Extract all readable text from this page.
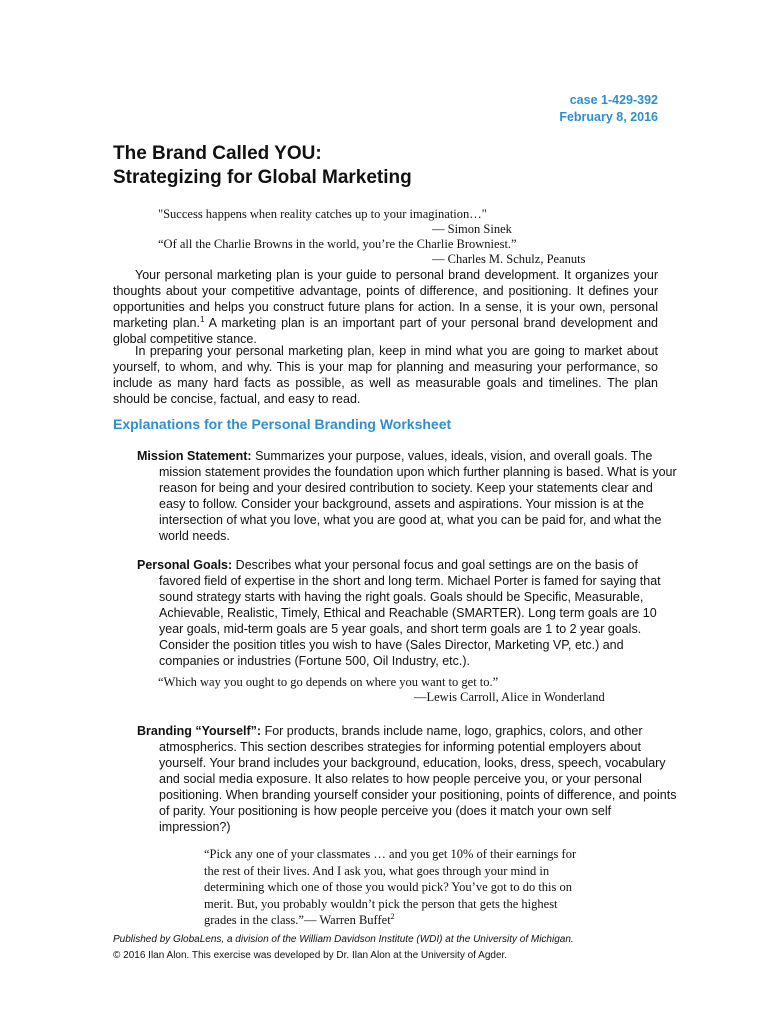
case 1-429-392
February 8, 2016
The Brand Called YOU:
Strategizing for Global Marketing
"Success happens when reality catches up to your imagination…"
— Simon Sinek
“Of all the Charlie Browns in the world, you’re the Charlie Browniest.”
— Charles M. Schulz, Peanuts

Your personal marketing plan is your guide to personal brand development. It organizes your thoughts about your competitive advantage, points of difference, and positioning. It defines your opportunities and helps you construct future plans for action. In a sense, it is your own, personal marketing plan.$^1$ A marketing plan is an important part of your personal brand development and global competitive stance.

In preparing your personal marketing plan, keep in mind what you are going to market about yourself, to whom, and why. This is your map for planning and measuring your performance, so include as many hard facts as possible, as well as measurable goals and timelines. The plan should be concise, factual, and easy to read.

Explanations for the Personal Branding Worksheet

Mission Statement: Summarizes your purpose, values, ideals, vision, and overall goals. The mission statement provides the foundation upon which further planning is based. What is your reason for being and your desired contribution to society. Keep your statements clear and easy to follow. Consider your background, assets and aspirations. Your mission is at the intersection of what you love, what you are good at, what you can be paid for, and what the world needs.

Personal Goals: Describes what your personal focus and goal settings are on the basis of favored field of expertise in the short and long term. Michael Porter is famed for saying that sound strategy starts with having the right goals. Goals should be Specific, Measurable, Achievable, Realistic, Timely, Ethical and Reachable (SMARTER). Long term goals are 10 year goals, mid-term goals are 5 year goals, and short term goals are 1 to 2 year goals. Consider the position titles you wish to have (Sales Director, Marketing VP, etc.) and companies or industries (Fortune 500, Oil Industry, etc.).

“Which way you ought to go depends on where you want to get to.”
—Lewis Carroll, Alice in Wonderland

Branding “Yourself”: For products, brands include name, logo, graphics, colors, and other atmospherics. This section describes strategies for informing potential employers about yourself. Your brand includes your background, education, looks, dress, speech, vocabulary and social media exposure. It also relates to how people perceive you, or your personal positioning. When branding yourself consider your positioning, points of difference, and points of parity. Your positioning is how people perceive you (does it match your own self impression?)

“Pick any one of your classmates … and you get 10% of their earnings for the rest of their lives. And I ask you, what goes through your mind in determining which one of those you would pick? You’ve got to do this on merit. But, you probably wouldn’t pick the person that gets the highest grades in the class.”— Warren Buffet$^2$
Published by GlobaLens, a division of the William Davidson Institute (WDI) at the University of Michigan.
© 2016 Ilan Alon. This exercise was developed by Dr. Ilan Alon at the University of Agder.
